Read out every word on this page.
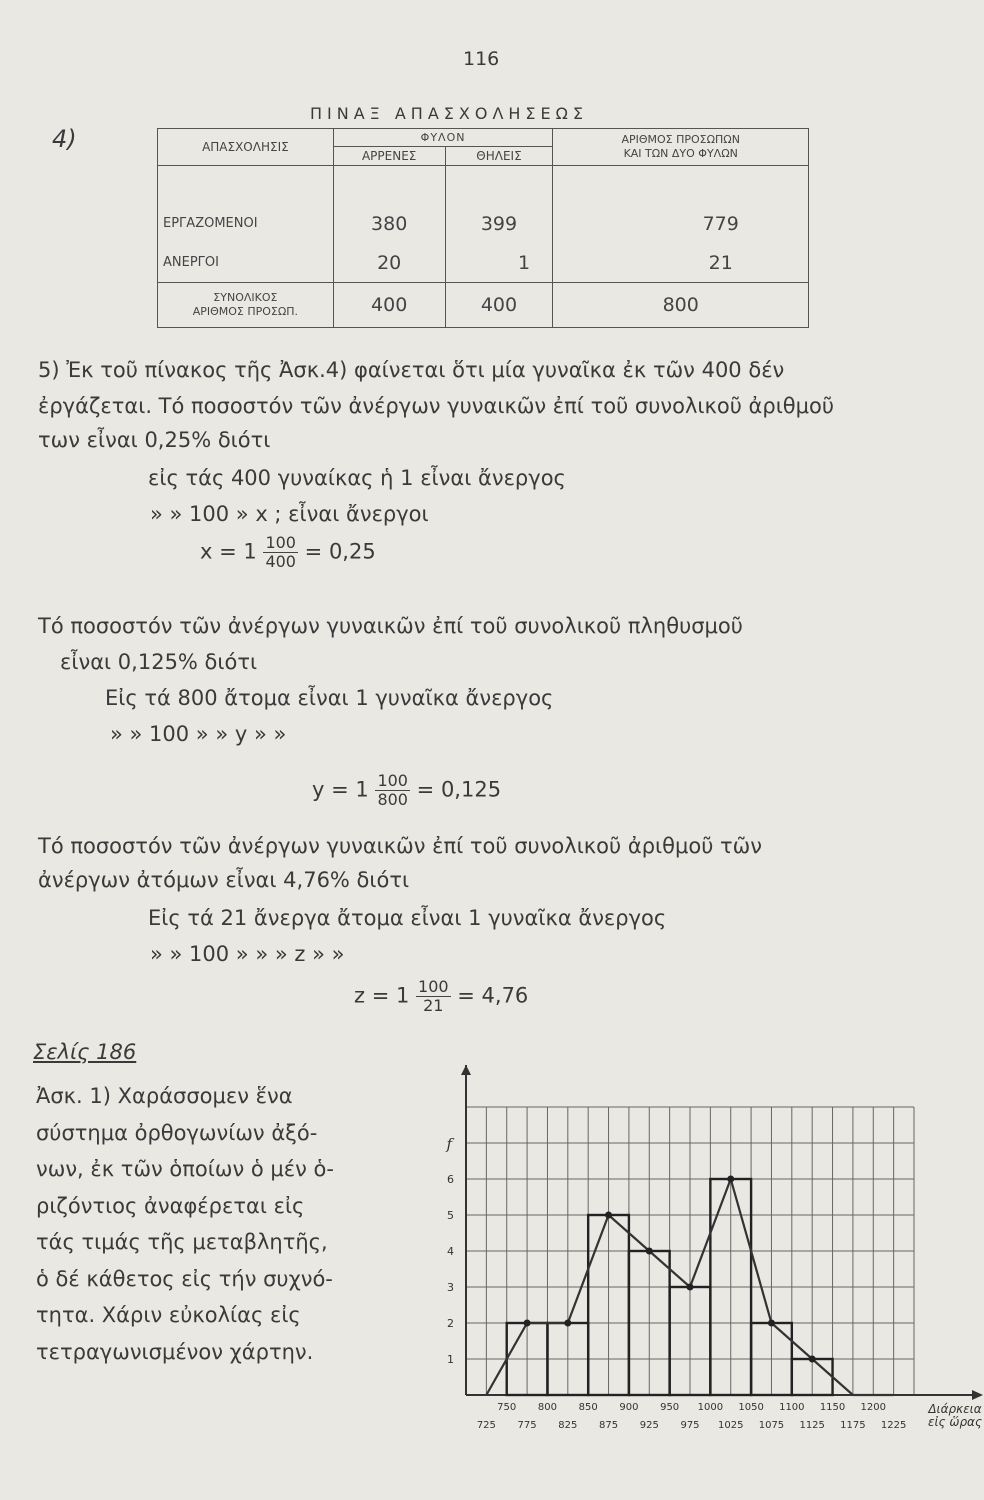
116
4)
ΠΙΝΑΞ ΑΠΑΣΧΟΛΗΣΕΩΣ
ΑΠΑΣΧΟΛΗΣΙΣ	ΦΥΛΟΝ		ΑΡΙΘΜΟΣ ΠΡΟΣΩΠΩΝ
ΚΑΙ ΤΩΝ ΔΥΟ ΦΥΛΩΝ
	ΑΡΡΕΝΕΣ	ΘΗΛΕΙΣ	

ΕΡΓΑΖΟΜΕΝΟΙ	380	399	779
ΑΝΕΡΓΟΙ	20	1	21
ΣΥΝΟΛΙΚΟΣ
ΑΡΙΘΜΟΣ ΠΡΟΣΩΠ.	400	400	800
5) Ἐκ τοῦ πίνακος τῆς Ἀσκ.4) φαίνεται ὅτι μία γυναῖκα ἐκ τῶν 400 δέν
ἐργάζεται. Τό ποσοστόν τῶν ἀνέργων γυναικῶν ἐπί τοῦ συνολικοῦ ἀριθμοῦ
των εἶναι 0,25% διότι
εἰς τάς 400 γυναίκας ἡ 1 εἶναι ἄνεργος
» » 100 » x ; εἶναι ἄνεργοι
$x = 1 \frac{100}{400} = 0,25$
Τό ποσοστόν τῶν ἀνέργων γυναικῶν ἐπί τοῦ συνολικοῦ πληθυσμοῦ
εἶναι 0,125% διότι
Εἰς τά 800 ἄτομα εἶναι 1 γυναῖκα ἄνεργος
» » 100 » » y » »
$y = 1 \frac{100}{800} = 0,125$
Τό ποσοστόν τῶν ἀνέργων γυναικῶν ἐπί τοῦ συνολικοῦ ἀριθμοῦ τῶν
ἀνέργων ἀτόμων εἶναι 4,76% διότι
Εἰς τά 21 ἄνεργα ἄτομα εἶναι 1 γυναῖκα ἄνεργος
» » 100 » » » z » »
$z = 1 \frac{100}{21} = 4,76$
Σελίς 186
Ἀσκ. 1) Χαράσσομεν ἕνα
σύστημα ὀρθογωνίων ἀξό-
νων, ἐκ τῶν ὁποίων ὁ μέν ὁ-
ριζόντιος ἀναφέρεται εἰς
τάς τιμάς τῆς μεταβλητῆς,
ὁ δέ κάθετος εἰς τήν συχνό-
τητα. Χάριν εὐκολίας εἰς
τετραγωνισμένον χάρτην.	1
2
3
4
5
6
f
750 800 850 900 950 1000 1050 1100 1150 1200
725 775 825 875 925 975 1025 1075 1125 1175 1225
Διάρκεια
εἰς ὥρας
